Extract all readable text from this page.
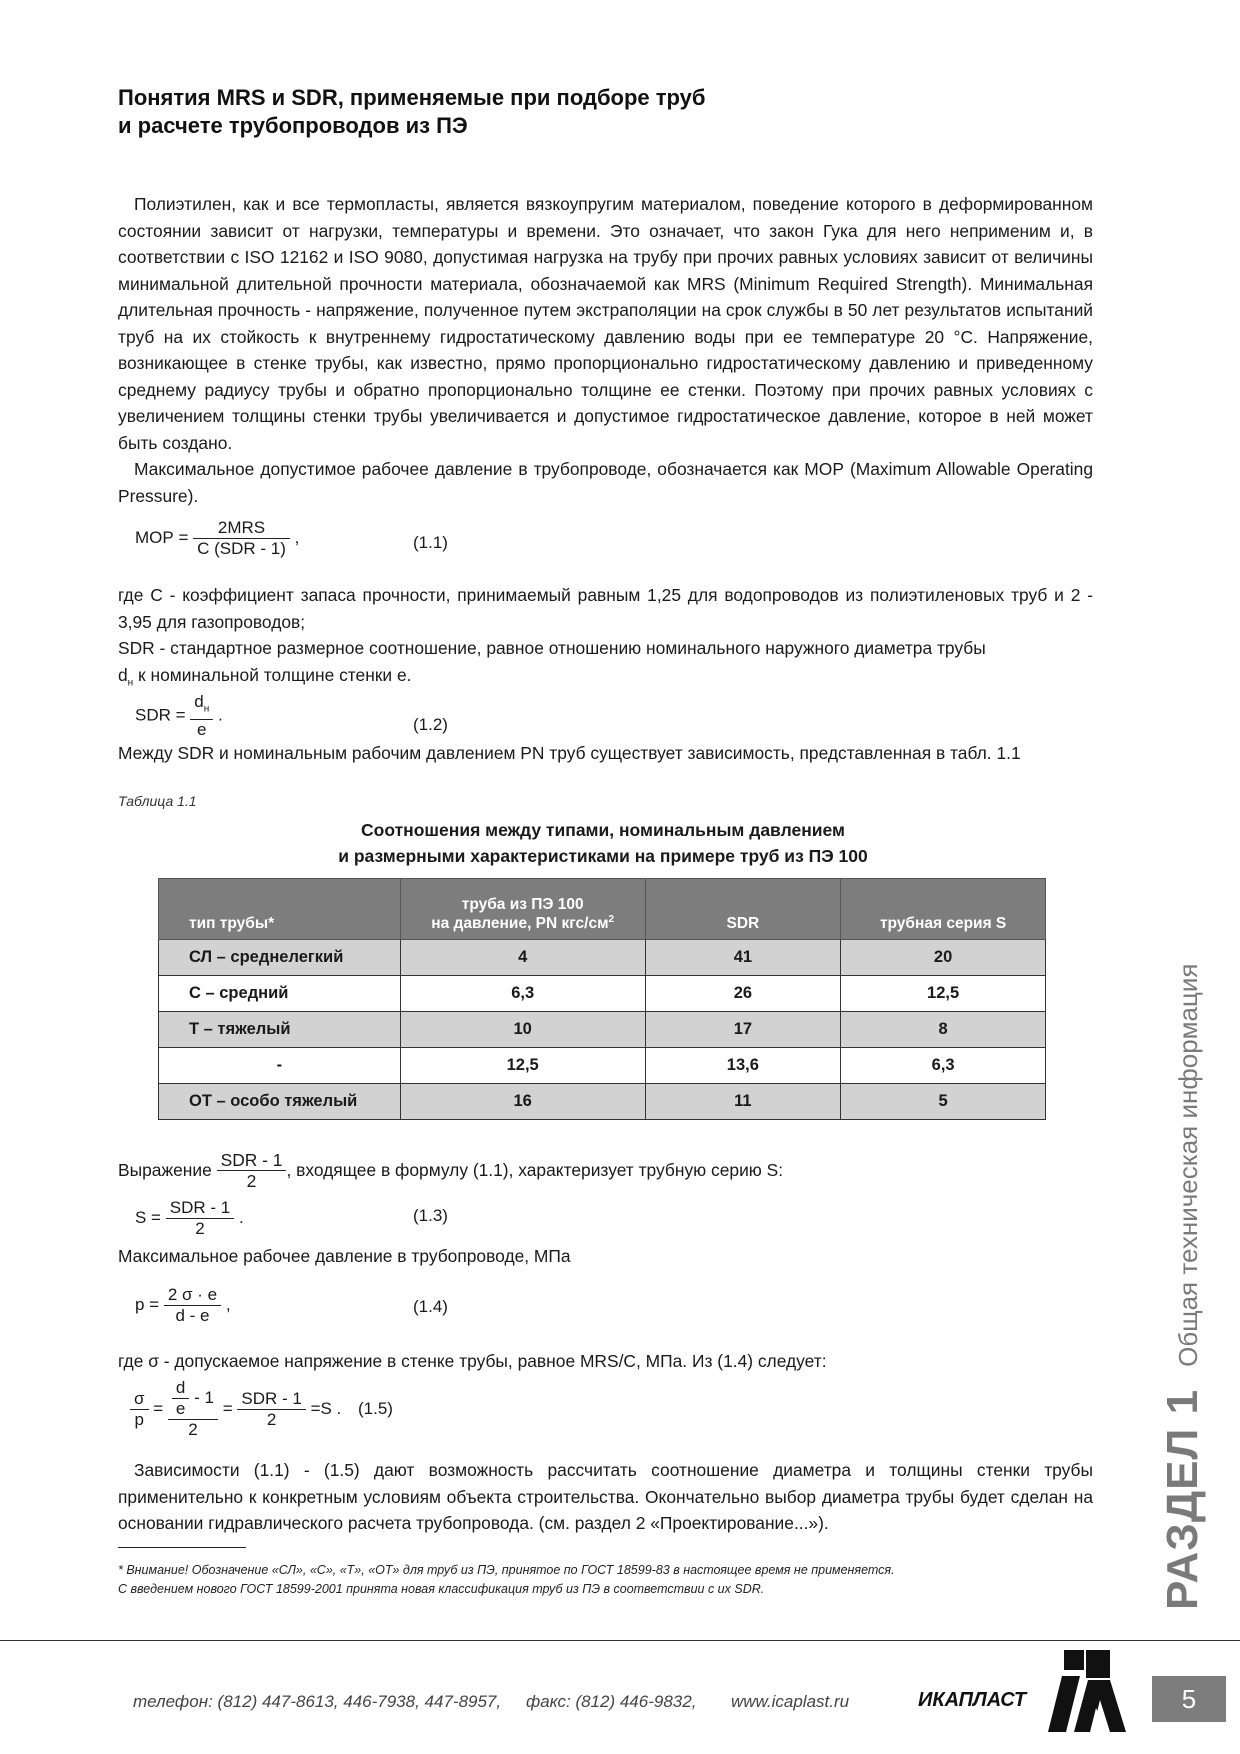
Понятия MRS и SDR, применяемые при подборе труб
и расчете трубопроводов из ПЭ
Полиэтилен, как и все термопласты, является вязкоупругим материалом, поведение которого в деформированном состоянии зависит от нагрузки, температуры и времени. Это означает, что закон Гука для него неприменим и, в соответствии с ISO 12162 и ISO 9080, допустимая нагрузка на трубу при прочих равных условиях зависит от величины минимальной длительной прочности материала, обозначаемой как MRS (Minimum Required Strength). Минимальная длительная прочность - напряжение, полученное путем экстраполяции на срок службы в 50 лет результатов испытаний труб на их стойкость к внутреннему гидростатическому давлению воды при ее температуре 20 °С. Напряжение, возникающее в стенке трубы, как известно, прямо пропорционально гидростатическому давлению и приведенному среднему радиусу трубы и обратно пропорционально толщине ее стенки. Поэтому при прочих равных условиях с увеличением толщины стенки трубы увеличивается и допустимое гидростатическое давление, которое в ней может быть создано.
Максимальное допустимое рабочее давление в трубопроводе, обозначается как МОР (Maximum Allowable Operating Pressure).
МОР = $\frac{\text{2MRS}}{\text{С (SDR - 1)}}$ ,	(1.1)
где С - коэффициент запаса прочности, принимаемый равным 1,25 для водопроводов из полиэтиленовых труб и 2 - 3,95 для газопроводов;
SDR - стандартное размерное соотношение, равное отношению номинального наружного диаметра трубы
$d_н$ к номинальной толщине стенки е.
SDR = $\frac{d_н}{е}$ .	(1.2)
Между SDR и номинальным рабочим давлением PN труб существует зависимость, представленная в табл. 1.1
Таблица 1.1
Соотношения между типами, номинальным давлением
и размерными характеристиками на примере труб из ПЭ 100
тип трубы*	труба из ПЭ 100
на давление, PN кгс/$см^2$	SDR	трубная серия S
СЛ – среднелегкий	4	41	20
С – средний	6,3	26	12,5
Т – тяжелый	10	17	8
-	12,5	13,6	6,3
ОТ – особо тяжелый	16	11	5
Выражение $\frac{\text{SDR - 1}}{2}$ , входящее в формулу (1.1), характеризует трубную серию S:
$S = \frac{\text{SDR - 1}}{2}$ .	(1.3)
Максимальное рабочее давление в трубопроводе, МПа
$p = \frac{2 \sigma \cdot e}{d - e}$ ,	(1.4)
где σ - допускаемое напряжение в стенке трубы, равное MRS/C, МПа. Из (1.4) следует:
$\frac{\sigma}{p} = \frac{\frac{d}{e} - 1}{2} = \frac{\text{SDR - 1}}{2} =S$ . (1.5)
Зависимости (1.1) - (1.5) дают возможность рассчитать соотношение диаметра и толщины стенки трубы применительно к конкретным условиям объекта строительства. Окончательно выбор диаметра трубы будет сделан на основании гидравлического расчета трубопровода. (см. раздел 2 «Проектирование...»).
* Внимание! Обозначение «СЛ», «С», «Т», «ОТ» для труб из ПЭ, принятое по ГОСТ 18599-83 в настоящее время не применяется.
С введением нового ГОСТ 18599-2001 принята новая классификация труб из ПЭ в соответствии с их SDR.	РАЗДЕЛ 1Общая техническая информация
телефон: (812) 447-8613, 446-7938, 447-8957, факс: (812) 446-9832, www.icaplast.ru	ИКАПЛАСТ	5
